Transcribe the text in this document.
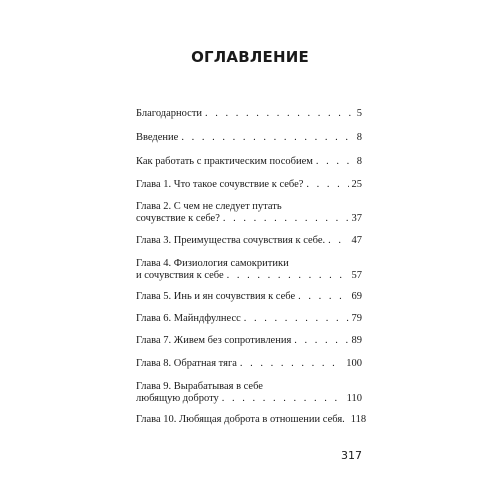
ОГЛАВЛЕНИЕ
Благодарности . . .	5
Введение . . .	8
Как работать с практическим пособием . . .	8
Глава 1. Что такое сочувствие к себе? . . .	25
Глава 2. С чем не следует путать
сочувствие к себе? . . .	37
Глава 3. Преимущества сочувствия к себе. . . .	47
Глава 4. Физиология самокритики
и сочувствия к себе . . .	57
Глава 5. Инь и ян сочувствия к себе . . .	69
Глава 6. Майндфулнесс . . .	79
Глава 7. Живем без сопротивления . . .	89
Глава 8. Обратная тяга . . .	100
Глава 9. Вырабатывая в себе
любящую доброту . . .	110
Глава 10. Любящая доброта в отношении себя. 118
317
